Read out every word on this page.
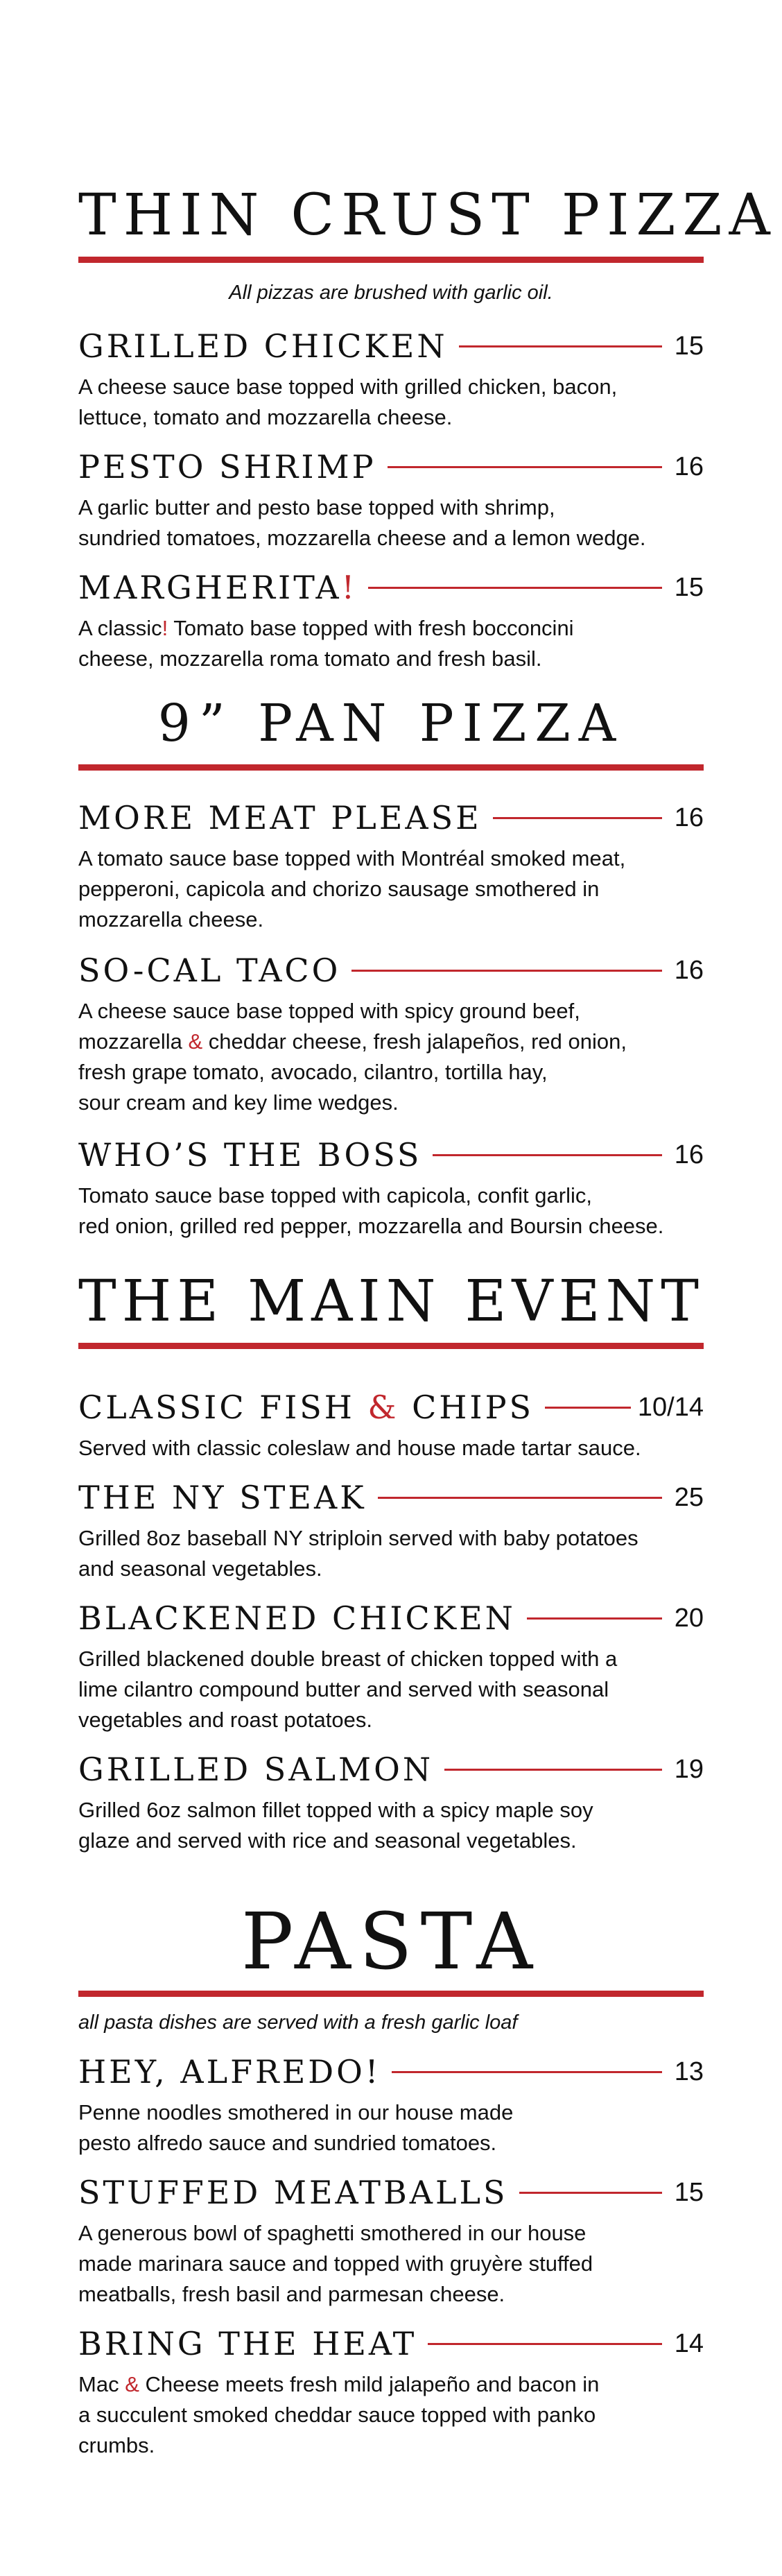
THIN CRUST PIZZA
All pizzas are brushed with garlic oil.
GRILLED CHICKEN	15

A cheese sauce base topped with grilled chicken, bacon,
lettuce, tomato and mozzarella cheese.

PESTO SHRIMP	16

A garlic butter and pesto base topped with shrimp,
sundried tomatoes, mozzarella cheese and a lemon wedge.

MARGHERITA!	15

A classic! Tomato base topped with fresh bocconcini
cheese, mozzarella roma tomato and fresh basil.

9” PAN PIZZA
MORE MEAT PLEASE	16

A tomato sauce base topped with Montréal smoked meat,
pepperoni, capicola and chorizo sausage smothered in
mozzarella cheese.

SO-CAL TACO	16

A cheese sauce base topped with spicy ground beef,
mozzarella & cheddar cheese, fresh jalapeños, red onion,
fresh grape tomato, avocado, cilantro, tortilla hay,
sour cream and key lime wedges.

WHO’S THE BOSS	16

Tomato sauce base topped with capicola, confit garlic,
red onion, grilled red pepper, mozzarella and Boursin cheese.

THE MAIN EVENT
CLASSIC FISH & CHIPS	10/14

Served with classic coleslaw and house made tartar sauce.

THE NY STEAK	25

Grilled 8oz baseball NY striploin served with baby potatoes
and seasonal vegetables.

BLACKENED CHICKEN	20

Grilled blackened double breast of chicken topped with a
lime cilantro compound butter and served with seasonal
vegetables and roast potatoes.

GRILLED SALMON	19

Grilled 6oz salmon fillet topped with a spicy maple soy
glaze and served with rice and seasonal vegetables.

PASTA
all pasta dishes are served with a fresh garlic loaf
HEY, ALFREDO!	13

Penne noodles smothered in our house made
pesto alfredo sauce and sundried tomatoes.

STUFFED MEATBALLS	15

A generous bowl of spaghetti smothered in our house
made marinara sauce and topped with gruyère stuffed
meatballs, fresh basil and parmesan cheese.

BRING THE HEAT	14

Mac & Cheese meets fresh mild jalapeño and bacon in
a succulent smoked cheddar sauce topped with panko
crumbs.
